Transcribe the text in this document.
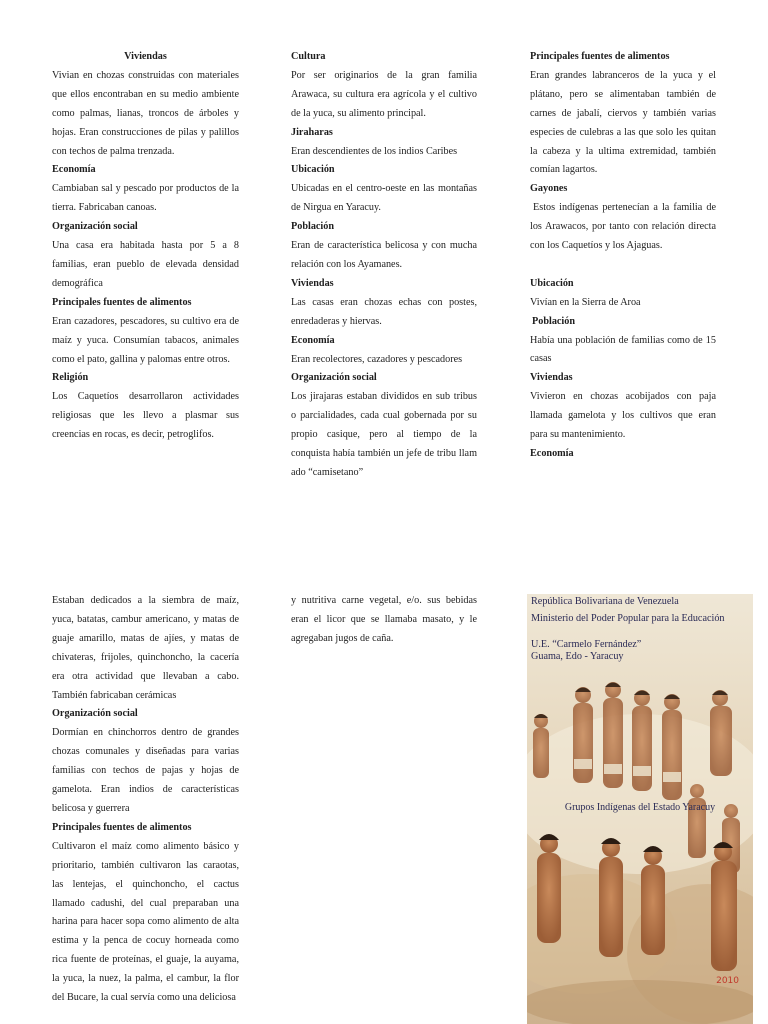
Viviendas

Vivian en chozas construidas con materiales que ellos encontraban en su medio ambiente como palmas, lianas, troncos de árboles y hojas. Eran construcciones de pilas y palillos con techos de palma trenzada.

Economía

Cambiaban sal y pescado por productos de la tierra. Fabricaban canoas.

Organización social

Una casa era habitada hasta por 5 a 8 familias, eran pueblo de elevada densidad demográfica

Principales fuentes de alimentos

Eran cazadores, pescadores, su cultivo era de maíz y yuca. Consumían tabacos, animales como el pato, gallina y palomas entre otros.

Religión

Los Caquetíos desarrollaron actividades religiosas que les llevo a plasmar sus creencias en rocas, es decir, petroglifos.

Cultura

Por ser originarios de la gran familia Arawaca, su cultura era agrícola y el cultivo de la yuca, su alimento principal.

Jiraharas

Eran descendientes de los indios Caribes

Ubicación

Ubicadas en el centro-oeste en las montañas de Nirgua en Yaracuy.

Población

Eran de característica belicosa y con mucha relación con los Ayamanes.

Viviendas

Las casas eran chozas echas con postes, enredaderas y hiervas.

Economía

Eran recolectores, cazadores y pescadores

Organización social

Los jirajaras estaban divididos en sub tribus o parcialidades, cada cual gobernada por su propio casique, pero al tiempo de la conquista había también un jefe de tribu llam ado “camisetano”

Principales fuentes de alimentos

Eran grandes labranceros de la yuca y el plátano, pero se alimentaban también de carnes de jabalí, ciervos y también varias especies de culebras a las que solo les quitan la cabeza y la ultima extremidad, también comían lagartos.

Gayones

Estos indígenas pertenecían a la familia de los Arawacos, por tanto con relación directa con los Caquetíos y los Ajaguas.

Ubicación

Vivían en la Sierra de Aroa

Población

Había una población de familias como de 15 casas

Viviendas

Vivieron en chozas acobijados con paja llamada gamelota y los cultivos que eran para su mantenimiento.

Economía

Estaban dedicados a la siembra de maíz, yuca, batatas, cambur americano, y matas de guaje amarillo, matas de ajíes, y matas de chivateras, frijoles, quinchoncho, la cacería era otra actividad que llevaban a cabo. También fabricaban cerámicas

Organización social

Dormían en chinchorros dentro de grandes chozas comunales y diseñadas para varias familias con techos de pajas y hojas de gamelota. Eran indios de características belicosa y guerrera

Principales fuentes de alimentos

Cultivaron el maíz como alimento básico y prioritario, también cultivaron las caraotas, las lentejas, el quinchoncho, el cactus llamado cadushi, del cual preparaban una harina para hacer sopa como alimento de alta estima y la penca de cocuy horneada como rica fuente de proteínas, el guaje, la auyama, la yuca, la nuez, la palma, el cambur, la flor del Bucare, la cual servía como una deliciosa

y nutritiva carne vegetal, e/o. sus bebidas eran el licor que se llamaba masato, y le agregaban jugos de caña.

República Bolivariana de Venezuela
Ministerio del Poder Popular para la Educación
U.E. “Carmelo Fernández”
Guama, Edo - Yaracuy
Grupos Indígenas del Estado Yaracuy
2010
